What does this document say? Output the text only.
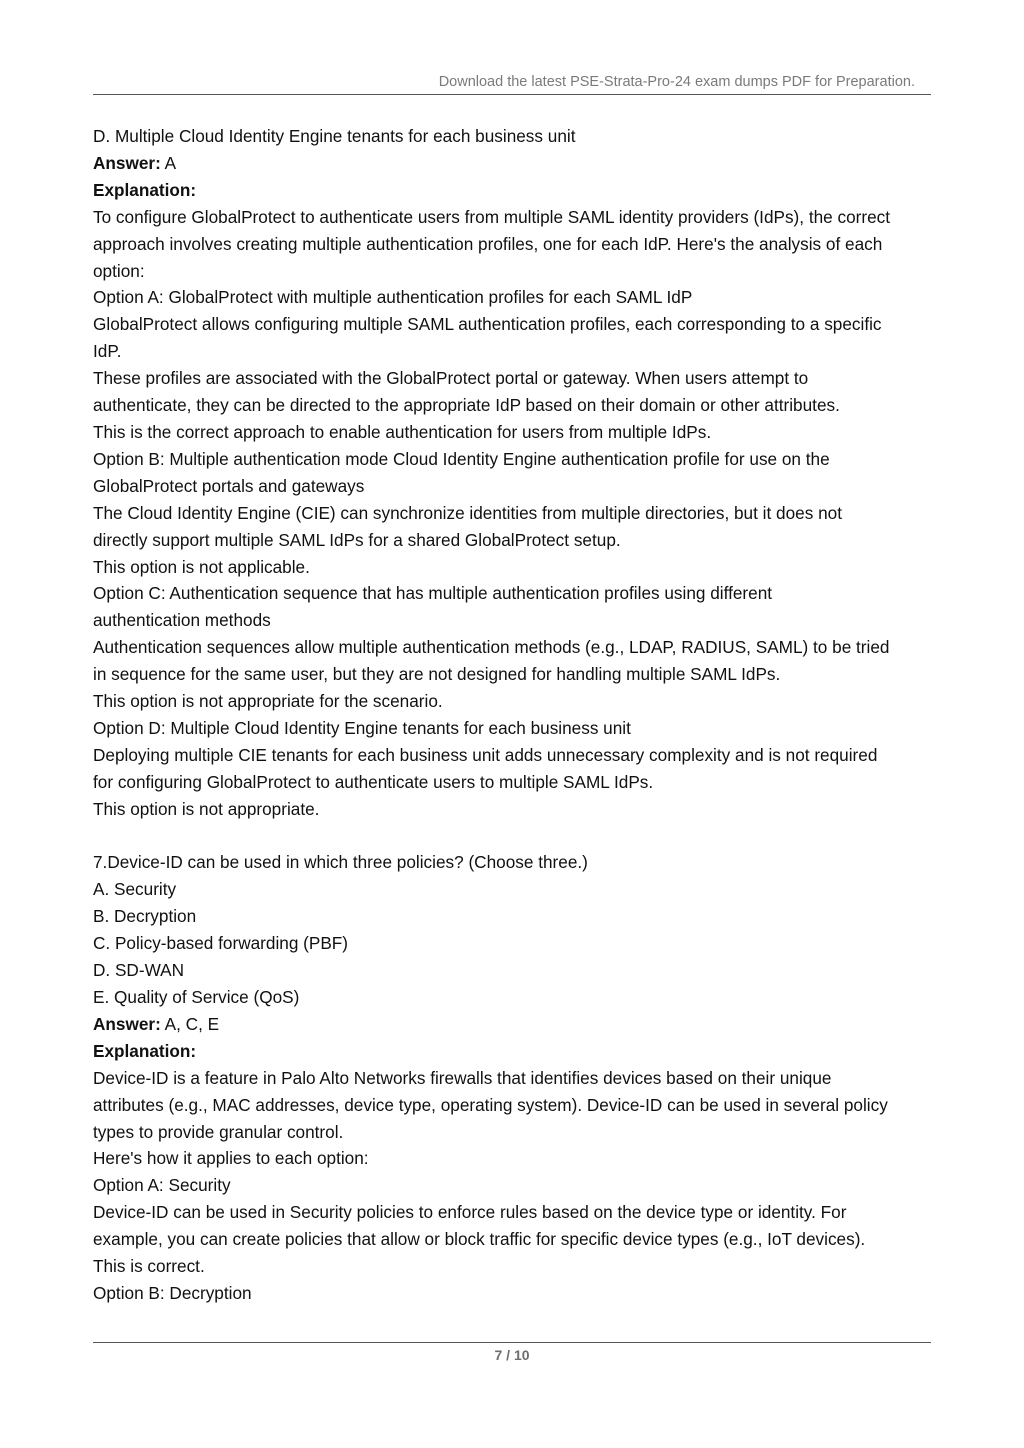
Download the latest PSE-Strata-Pro-24 exam dumps PDF for Preparation.
D. Multiple Cloud Identity Engine tenants for each business unit
Answer: A
Explanation:
To configure GlobalProtect to authenticate users from multiple SAML identity providers (IdPs), the correct
approach involves creating multiple authentication profiles, one for each IdP. Here's the analysis of each
option:
Option A: GlobalProtect with multiple authentication profiles for each SAML IdP
GlobalProtect allows configuring multiple SAML authentication profiles, each corresponding to a specific
IdP.
These profiles are associated with the GlobalProtect portal or gateway. When users attempt to
authenticate, they can be directed to the appropriate IdP based on their domain or other attributes.
This is the correct approach to enable authentication for users from multiple IdPs.
Option B: Multiple authentication mode Cloud Identity Engine authentication profile for use on the
GlobalProtect portals and gateways
The Cloud Identity Engine (CIE) can synchronize identities from multiple directories, but it does not
directly support multiple SAML IdPs for a shared GlobalProtect setup.
This option is not applicable.
Option C: Authentication sequence that has multiple authentication profiles using different
authentication methods
Authentication sequences allow multiple authentication methods (e.g., LDAP, RADIUS, SAML) to be tried
in sequence for the same user, but they are not designed for handling multiple SAML IdPs.
This option is not appropriate for the scenario.
Option D: Multiple Cloud Identity Engine tenants for each business unit
Deploying multiple CIE tenants for each business unit adds unnecessary complexity and is not required
for configuring GlobalProtect to authenticate users to multiple SAML IdPs.
This option is not appropriate.
7.Device-ID can be used in which three policies? (Choose three.)
A. Security
B. Decryption
C. Policy-based forwarding (PBF)
D. SD-WAN
E. Quality of Service (QoS)
Answer: A, C, E
Explanation:
Device-ID is a feature in Palo Alto Networks firewalls that identifies devices based on their unique
attributes (e.g., MAC addresses, device type, operating system). Device-ID can be used in several policy
types to provide granular control.
Here's how it applies to each option:
Option A: Security
Device-ID can be used in Security policies to enforce rules based on the device type or identity. For
example, you can create policies that allow or block traffic for specific device types (e.g., IoT devices).
This is correct.
Option B: Decryption
7 / 10
